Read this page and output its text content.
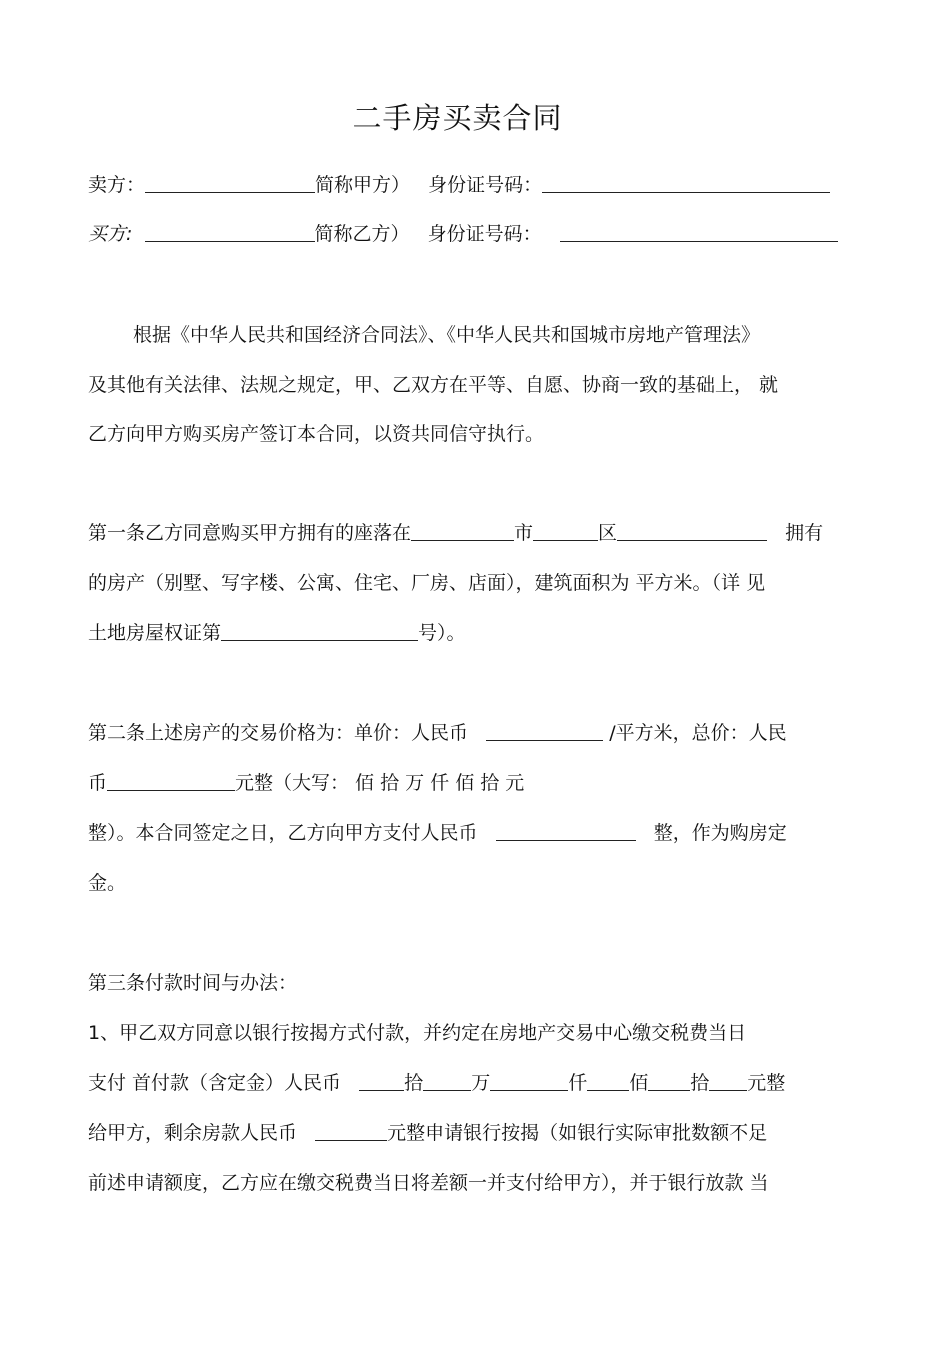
二手房买卖合同
卖方：	简称甲方） 身份证号码：
买方:	简称乙方） 身份证号码：
根据《中华人民共和国经济合同法》、《中华人民共和国城市房地产管理法》
及其他有关法律、法规之规定，甲、乙双方在平等、自愿、协商一致的基础上， 就
乙方向甲方购买房产签订本合同，以资共同信守执行。
第一条乙方同意购买甲方拥有的座落在	市	区	拥有
的房产（别墅、写字楼、公寓、住宅、厂房、店面），建筑面积为 平方米。（详 见
土地房屋权证第	号）。
第二条上述房产的交易价格为：单价：人民币	/平方米，总价：人民
币	元整（大写： 佰 拾 万 仟 佰 拾 元
整）。本合同签定之日，乙方向甲方支付人民币	整，作为购房定
金。
第三条付款时间与办法：
1、甲乙双方同意以银行按揭方式付款，并约定在房地产交易中心缴交税费当日
支付 首付款（含定金）人民币	拾	万	仟 佰 拾 元整
给甲方，剩余房款人民币	元整申请银行按揭（如银行实际审批数额不足
前述申请额度，乙方应在缴交税费当日将差额一并支付给甲方），并于银行放款 当
